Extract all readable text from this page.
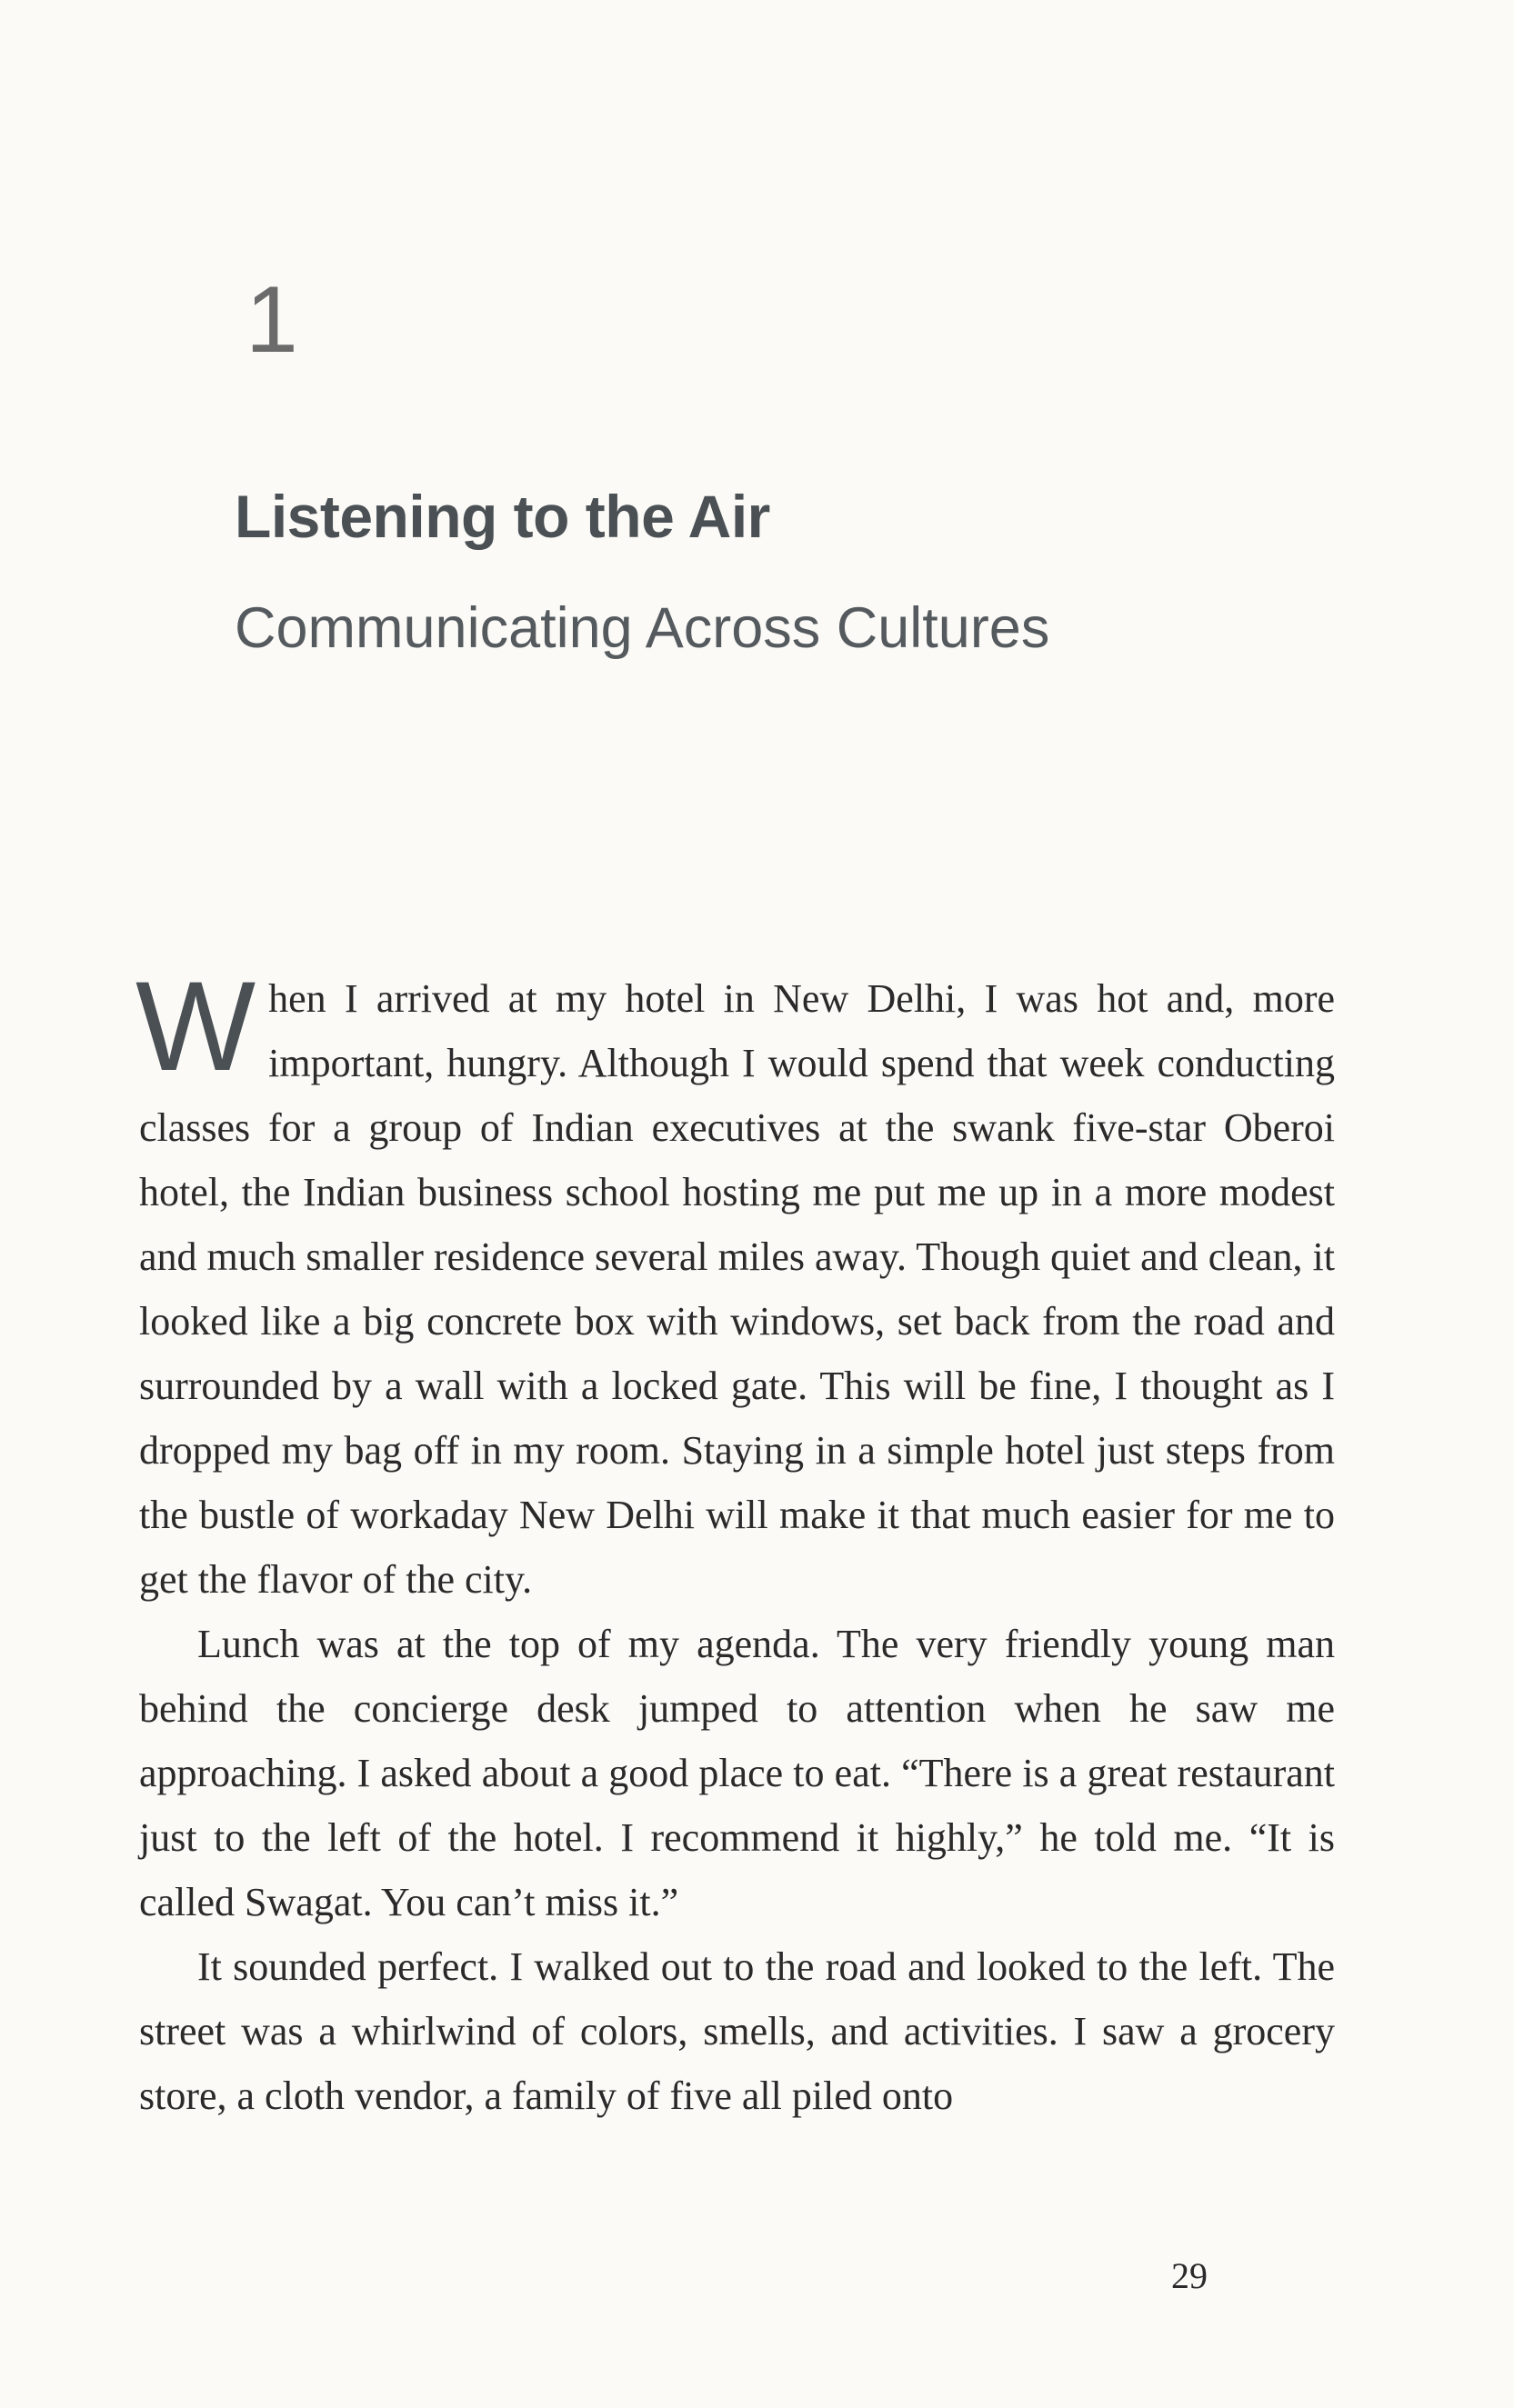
1
Listening to the Air
Communicating Across Cultures

When I arrived at my hotel in New Delhi, I was hot and, more important, hungry. Although I would spend that week conducting classes for a group of Indian executives at the swank five-star Oberoi hotel, the Indian business school hosting me put me up in a more modest and much smaller residence several miles away. Though quiet and clean, it looked like a big concrete box with windows, set back from the road and surrounded by a wall with a locked gate. This will be fine, I thought as I dropped my bag off in my room. Staying in a simple hotel just steps from the bustle of workaday New Delhi will make it that much easier for me to get the flavor of the city.

Lunch was at the top of my agenda. The very friendly young man behind the concierge desk jumped to attention when he saw me approaching. I asked about a good place to eat. “There is a great restaurant just to the left of the hotel. I recommend it highly,” he told me. “It is called Swagat. You can’t miss it.”

It sounded perfect. I walked out to the road and looked to the left. The street was a whirlwind of colors, smells, and activities. I saw a grocery store, a cloth vendor, a family of five all piled onto

29
